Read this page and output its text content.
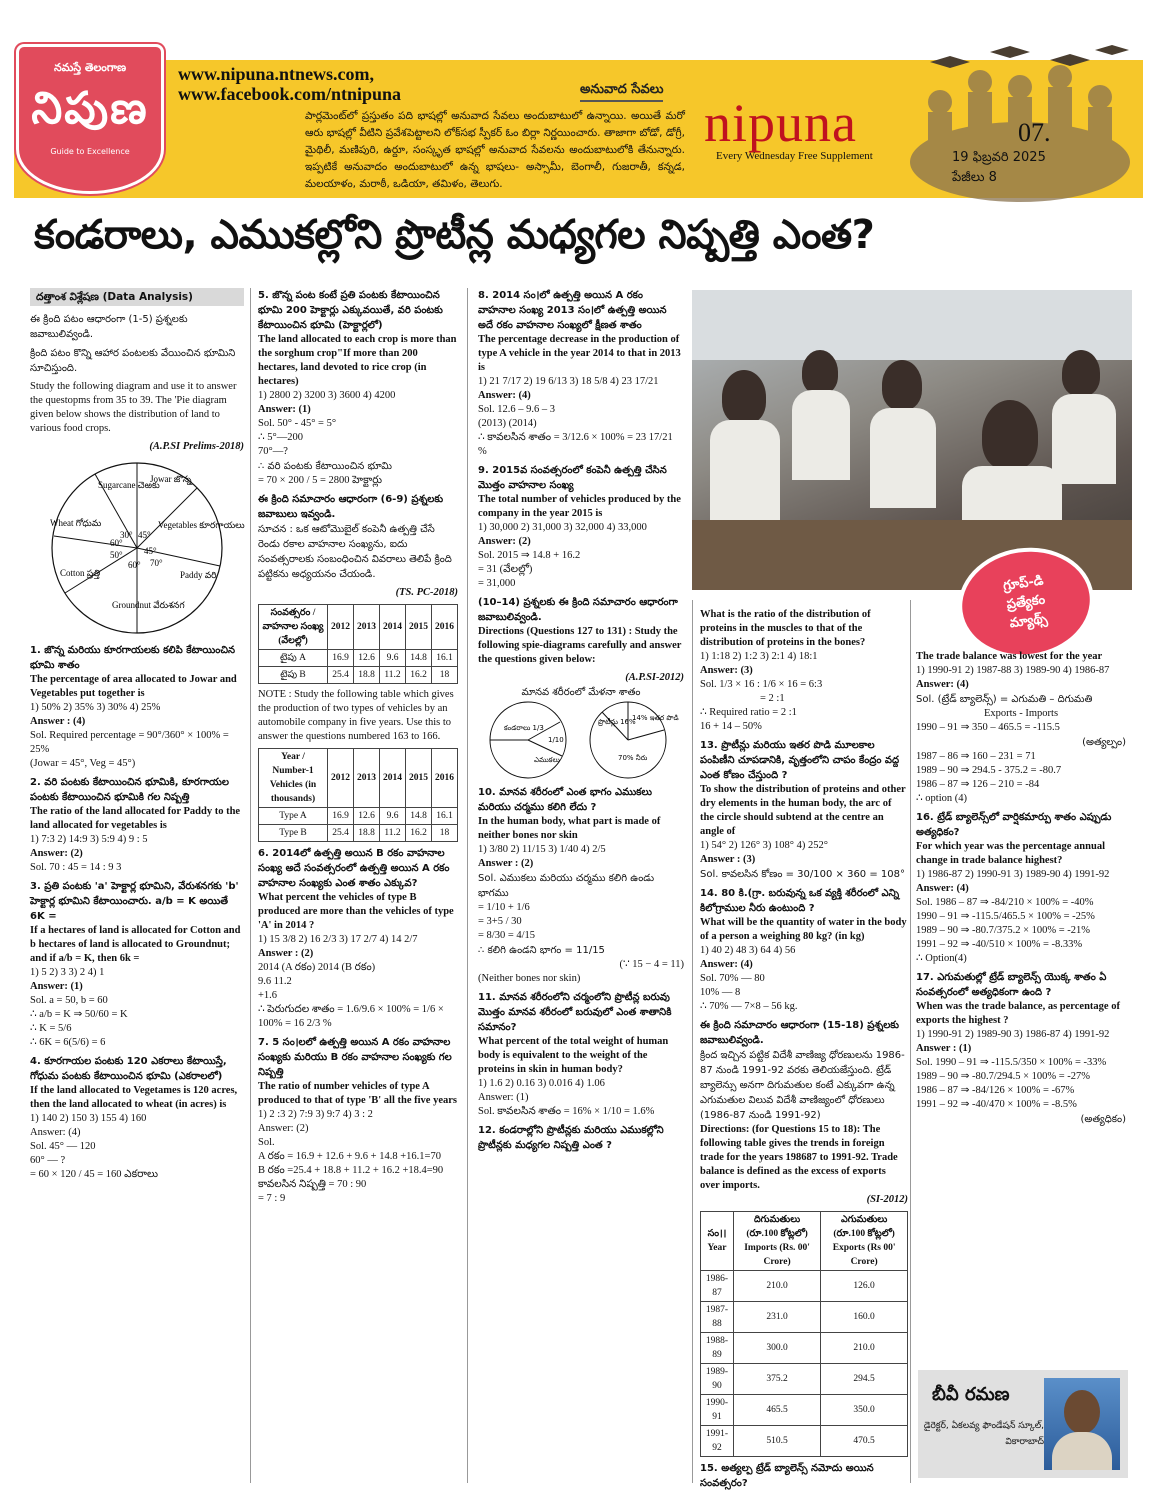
నమస్తే తెలంగాణ
నిపుణ
Guide to Excellence
www.nipuna.ntnews.com,
www.facebook.com/ntnipuna	అనువాద సేవలు
పార్లమెంట్‌లో ప్రస్తుతం పది భాషల్లో అనువాద సేవలు అందుబాటులో ఉన్నాయి. అయితే మరో ఆరు భాషల్లో వీటిని ప్రవేశపెట్టాలని లోక్‌సభ స్పీకర్ ఓం బిర్లా నిర్ణయించారు. తాజాగా బోడో, డోగ్రీ, మైథిలీ, మణిపురి, ఉర్దూ, సంస్కృత భాషల్లో అనువాద సేవలను అందుబాటులోకి తేనున్నారు. ఇప్పటికే అనువాదం అందుబాటులో ఉన్న భాషలు- అస్సామీ, బెంగాలీ, గుజరాతీ, కన్నడ, మలయాళం, మరాఠీ, ఒడియా, తమిళం, తెలుగు.
nipuna
Every Wednesday Free Supplement
07.
19 ఫిబ్రవరి 2025
పేజీలు 8
కండరాలు, ఎముకల్లోని ప్రొటీన్ల మధ్యగల నిష్పత్తి ఎంత?
దత్తాంశ విశ్లేషణ (Data Analysis)
ఈ క్రింది పటం ఆధారంగా (1-5) ప్రశ్నలకు జవాబులివ్వండి.
క్రింది పటం కొన్ని ఆహార పంటలకు వేయించిన భూమిని సూచిస్తుంది.
Study the following diagram and use it to answer the questopms from 35 to 39. The 'Pie diagram given below shows the distribution of land to various food crops.
(A.P.SI Prelims-2018)
Sugarcane చెఱకు
Jowar జొన్న
Vegetables కూరగాయలు
Paddy వరి
Groundnut వేరుశనగ
Cotton ప్రత్తి
Wheat గోధుమ
30° 45°
45°
70°
60°
50°
60°
1. జొన్న మరియు కూరగాయలకు కలిపి కేటాయించిన భూమి శాతం
The percentage of area allocated to Jowar and Vegetables put together is
1) 50% 2) 35% 3) 30% 4) 25%
Answer : (4)
Sol. Required percentage = 90°/360° × 100% = 25%
(Jowar = 45°, Veg = 45°)
2. వరి పంటకు కేటాయించిన భూమికి, కూరగాయల పంటకు కేటాయించిన భూమికి గల నిష్పత్తి
The ratio of the land allocated for Paddy to the land allocated for vegetables is
1) 7:3 2) 14:9 3) 5:9 4) 9 : 5
Answer: (2)
Sol. 70 : 45 = 14 : 9 3
3. ప్రతి పంటకు 'a' హెక్టార్ల భూమిని, వేరుశనగకు 'b' హెక్టార్ల భూమిని కేటాయించారు. a/b = K అయితే 6K =
If a hectares of land is allocated for Cotton and b hectares of land is allocated to Groundnut; and if a/b = K, then 6k =
1) 5 2) 3 3) 2 4) 1
Answer: (1)
Sol. a = 50, b = 60
∴ a/b = K ⇒ 50/60 = K
∴ K = 5/6
∴ 6K = 6(5/6) = 6
4. కూరగాయల పంటకు 120 ఎకరాలు కేటాయిస్తే, గోధుమ పంటకు కేటాయించిన భూమి (ఎకరాలలో)
If the land allocated to Vegetames is 120 acres, then the land allocated to wheat (in acres) is
1) 140 2) 150 3) 155 4) 160
Answer: (4)
Sol. 45° — 120
60° — ?
= 60 × 120 / 45 = 160 ఎకరాలు
5. జొన్న పంట కంటే ప్రతి పంటకు కేటాయించిన భూమి 200 హెక్టార్లు ఎక్కువయితే, వరి పంటకు కేటాయించిన భూమి (హెక్టార్లలో)
The land allocated to each crop is more than the sorghum crop"If more than 200 hectares, land devoted to rice crop (in hectares)
1) 2800 2) 3200 3) 3600 4) 4200
Answer: (1)
Sol. 50° - 45° = 5°
∴ 5°—200
70°—?
∴ వరి పంటకు కేటాయించిన భూమి
= 70 × 200 / 5 = 2800 హెక్టార్లు
ఈ క్రింది సమాచారం ఆధారంగా (6-9) ప్రశ్నలకు జవాబులు ఇవ్వండి.
సూచన : ఒక ఆటోమొబైల్ కంపెనీ ఉత్పత్తి చేసే రెండు రకాల వాహనాల సంఖ్యను, ఐదు సంవత్సరాలకు సంబంధించిన వివరాలు తెలిపే క్రింది పట్టికను అధ్యయనం చేయండి.
(TS. PC-2018)
సంవత్సరం / వాహనాల సంఖ్య (వేలల్లో)	2012	2013	2014	2015	2016
టైపు A	16.9	12.6	9.6	14.8	16.1
టైపు B	25.4	18.8	11.2	16.2	18
NOTE : Study the following table which gives the production of two types of vehicles by an automobile company in five years. Use this to answer the questions numbered 163 to 166.
Year / Number-1 Vehicles (in thousands)	2012	2013	2014	2015	2016
Type A	16.9	12.6	9.6	14.8	16.1
Type B	25.4	18.8	11.2	16.2	18
6. 2014లో ఉత్పత్తి అయిన B రకం వాహనాల సంఖ్య అదే సంవత్సరంలో ఉత్పత్తి అయిన A రకం వాహనాల సంఖ్యకు ఎంత శాతం ఎక్కువ?
What percent the vehicles of type B produced are more than the vehicles of type 'A' in 2014 ?
1) 15 3/8 2) 16 2/3 3) 17 2/7 4) 14 2/7
Answer : (2)
2014 (A రకం) 2014 (B రకం)
9.6 11.2
+1.6
∴ పెరుగుదల శాతం = 1.6/9.6 × 100% = 1/6 × 100% = 16 2/3 %
7. 5 సం।లలో ఉత్పత్తి అయిన A రకం వాహనాల సంఖ్యకు మరియు B రకం వాహనాల సంఖ్యకు గల నిష్పత్తి
The ratio of number vehicles of type A produced to that of type 'B' all the five years
1) 2 :3 2) 7:9 3) 9:7 4) 3 : 2
Answer: (2)
Sol.
A రకం = 16.9 + 12.6 + 9.6 + 14.8 +16.1=70
B రకం =25.4 + 18.8 + 11.2 + 16.2 +18.4=90
కావలసిన నిష్పత్తి = 70 : 90
= 7 : 9
8. 2014 సం।లో ఉత్పత్తి అయిన A రకం వాహనాల సంఖ్య 2013 సం।లో ఉత్పత్తి అయిన అదే రకం వాహనాల సంఖ్యలో క్షీణత శాతం
The percentage decrease in the production of type A vehicle in the year 2014 to that in 2013 is
1) 21 7/17 2) 19 6/13 3) 18 5/8 4) 23 17/21
Answer: (4)
Sol. 12.6 – 9.6 – 3
(2013) (2014)
∴ కావలసిన శాతం = 3/12.6 × 100% = 23 17/21 %
9. 2015వ సంవత్సరంలో కంపెనీ ఉత్పత్తి చేసిన మొత్తం వాహనాల సంఖ్య
The total number of vehicles produced by the company in the year 2015 is
1) 30,000 2) 31,000 3) 32,000 4) 33,000
Answer: (2)
Sol. 2015 ⇒ 14.8 + 16.2
= 31 (వేలల్లో)
= 31,000
(10–14) ప్రశ్నలకు ఈ క్రింది సమాచారం ఆధారంగా జవాబులివ్వండి.
Directions (Questions 127 to 131) : Study the following spie-diagrams carefully and answer the questions given below:
(A.P.SI-2012)
మానవ శరీరంలో మేళనా శాతం
కండరాలు 1/3
ఎముకలు
1/10
ప్రొటీన్లు 16%
14% ఇతర పొడి
70% నీరు
10. మానవ శరీరంలో ఎంత భాగం ఎముకలు మరియు చర్మము కలిగి లేదు ?
In the human body, what part is made of neither bones nor skin
1) 3/80 2) 11/15 3) 1/40 4) 2/5
Answer : (2)
Sol. ఎముకలు మరియు చర్మము కలిగి ఉండు భాగము
= 1/10 + 1/6
= 3+5 / 30
= 8/30 = 4/15
∴ కలిగి ఉండని భాగం = 11/15
(∵ 15 − 4 = 11)
(Neither bones nor skin)
11. మానవ శరీరంలోని చర్మంలోని ప్రొటీన్ల బరువు మొత్తం మానవ శరీరంలో బరువులో ఎంత శాతానికి సమానం?
What percent of the total weight of human body is equivalent to the weight of the proteins in skin in human body?
1) 1.6 2) 0.16 3) 0.016 4) 1.06
Answer: (1)
Sol. కావలసిన శాతం = 16% × 1/10 = 1.6%
12. కండరాల్లోని ప్రొటీన్లకు మరియు ఎముకల్లోని ప్రొటీన్లకు మధ్యగల నిష్పత్తి ఎంత ?
గ్రూప్-డి
ప్రత్యేకం
మ్యాథ్స్
What is the ratio of the distribution of proteins in the muscles to that of the distribution of proteins in the bones?
1) 1:18 2) 1:2 3) 2:1 4) 18:1
Answer: (3)
Sol. 1/3 × 16 : 1/6 × 16 = 6:3
= 2 :1
∴ Required ratio = 2 :1
16 + 14 – 50%
13. ప్రొటీన్లు మరియు ఇతర పొడి మూలకాల పంపిణీని చూపడానికి, వృత్తంలోని చాపం కేంద్రం వద్ద ఎంత కోణం చేస్తుంది ?
To show the distribution of proteins and other dry elements in the human body, the arc of the circle should subtend at the centre an angle of
1) 54° 2) 126° 3) 108° 4) 252°
Answer : (3)
Sol. కావలసిన కోణం = 30/100 × 360 = 108°
14. 80 కి.(గ్రా. బరువున్న ఒక వ్యక్తి శరీరంలో ఎన్ని కిలోగ్రాముల నీరు ఉంటుంది ?
What will be the quantity of water in the body of a person a weighing 80 kg? (in kg)
1) 40 2) 48 3) 64 4) 56
Answer: (4)
Sol. 70% — 80
10% — 8
∴ 70% — 7×8 – 56 kg.
ఈ క్రింది సమాచారం ఆధారంగా (15-18) ప్రశ్నలకు జవాబులివ్వండి.
క్రింద ఇచ్చిన పట్టిక విదేశీ వాణిజ్య ధోరణులను 1986-87 నుండి 1991-92 వరకు తెలియజేస్తుంది. ట్రేడ్ బ్యాలెన్సు అనగా దిగుమతుల కంటే ఎక్కువగా ఉన్న ఎగుమతుల విలువ విదేశీ వాణిజ్యంలో ధోరణులు (1986-87 నుండి 1991-92)
Directions: (for Questions 15 to 18): The following table gives the trends in foreign trade for the years 198687 to 1991-92. Trade balance is defined as the excess of exports over imports.
(SI-2012)
సం।। Year	దిగుమతులు (రూ.100 కోట్లలో) Imports (Rs. 00' Crore)	ఎగుమతులు (రూ.100 కోట్లలో) Exports (Rs 00' Crore)
1986-87	210.0	126.0
1987-88	231.0	160.0
1988-89	300.0	210.0
1989-90	375.2	294.5
1990-91	465.5	350.0
1991-92	510.5	470.5
15. అత్యల్ప ట్రేడ్ బ్యాలెన్స్ నమోదు అయిన సంవత్సరం?
The trade balance was lowest for the year
1) 1990-91 2) 1987-88 3) 1989-90 4) 1986-87
Answer: (4)
Sol. (ట్రేడ్ బ్యాలెన్స్) = ఎగుమతి – దిగుమతి
Exports - Imports
1990 – 91 ⇒ 350 – 465.5 = -115.5
(అత్యల్పం)
1987 – 86 ⇒ 160 – 231 = 71
1989 – 90 ⇒ 294.5 - 375.2 = -80.7
1986 – 87 ⇒ 126 – 210 = -84
∴ option (4)
16. ట్రేడ్ బ్యాలెన్స్‌లో వార్షికమార్పు శాతం ఎప్పుడు అత్యధికం?
For which year was the percentage annual change in trade balance highest?
1) 1986-87 2) 1990-91 3) 1989-90 4) 1991-92
Answer: (4)
Sol. 1986 – 87 ⇒ -84/210 × 100% = -40%
1990 – 91 ⇒ -115.5/465.5 × 100% = -25%
1989 – 90 ⇒ -80.7/375.2 × 100% = -21%
1991 – 92 ⇒ -40/510 × 100% = -8.33%
∴ Option(4)
17. ఎగుమతుల్లో ట్రేడ్ బ్యాలెన్స్ యొక్క శాతం ఏ సంవత్సరంలో అత్యధికంగా ఉంది ?
When was the trade balance, as percentage of exports the highest ?
1) 1990-91 2) 1989-90 3) 1986-87 4) 1991-92
Answer : (1)
Sol. 1990 – 91 ⇒ -115.5/350 × 100% = -33%
1989 – 90 ⇒ -80.7/294.5 × 100% = -27%
1986 – 87 ⇒ -84/126 × 100% = -67%
1991 – 92 ⇒ -40/470 × 100% = -8.5%
(అత్యధికం)
బీవీ రమణ
డైరెక్టర్, ఏకలవ్య ఫౌండేషన్ స్కూల్,
వికారాబాద్
